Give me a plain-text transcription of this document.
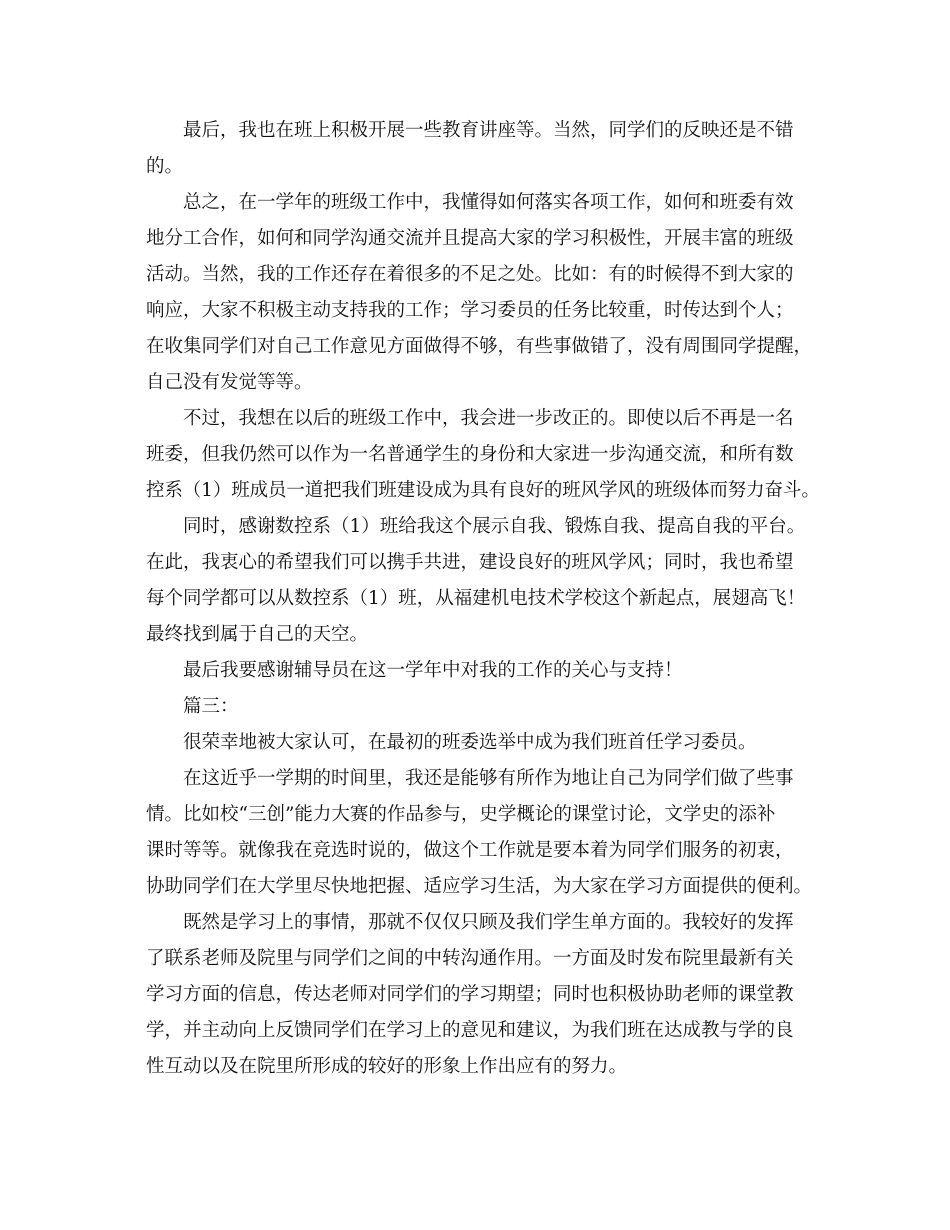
最后，我也在班上积极开展一些教育讲座等。当然，同学们的反映还是不错
的。
总之，在一学年的班级工作中，我懂得如何落实各项工作，如何和班委有效
地分工合作，如何和同学沟通交流并且提高大家的学习积极性，开展丰富的班级
活动。当然，我的工作还存在着很多的不足之处。比如：有的时候得不到大家的
响应，大家不积极主动支持我的工作；学习委员的任务比较重，时传达到个人；
在收集同学们对自己工作意见方面做得不够，有些事做错了，没有周围同学提醒，
自己没有发觉等等。
不过，我想在以后的班级工作中，我会进一步改正的。即使以后不再是一名
班委，但我仍然可以作为一名普通学生的身份和大家进一步沟通交流，和所有数
控系（1）班成员一道把我们班建设成为具有良好的班风学风的班级体而努力奋斗。
同时，感谢数控系（1）班给我这个展示自我、锻炼自我、提高自我的平台。
在此，我衷心的希望我们可以携手共进，建设良好的班风学风；同时，我也希望
每个同学都可以从数控系（1）班，从福建机电技术学校这个新起点，展翅高飞！
最终找到属于自己的天空。
最后我要感谢辅导员在这一学年中对我的工作的关心与支持！
篇三：
很荣幸地被大家认可，在最初的班委选举中成为我们班首任学习委员。
在这近乎一学期的时间里，我还是能够有所作为地让自己为同学们做了些事
情。比如校“三创”能力大赛的作品参与，史学概论的课堂讨论，文学史的添补
课时等等。就像我在竞选时说的，做这个工作就是要本着为同学们服务的初衷，
协助同学们在大学里尽快地把握、适应学习生活，为大家在学习方面提供的便利。
既然是学习上的事情，那就不仅仅只顾及我们学生单方面的。我较好的发挥
了联系老师及院里与同学们之间的中转沟通作用。一方面及时发布院里最新有关
学习方面的信息，传达老师对同学们的学习期望；同时也积极协助老师的课堂教
学，并主动向上反馈同学们在学习上的意见和建议，为我们班在达成教与学的良
性互动以及在院里所形成的较好的形象上作出应有的努力。
